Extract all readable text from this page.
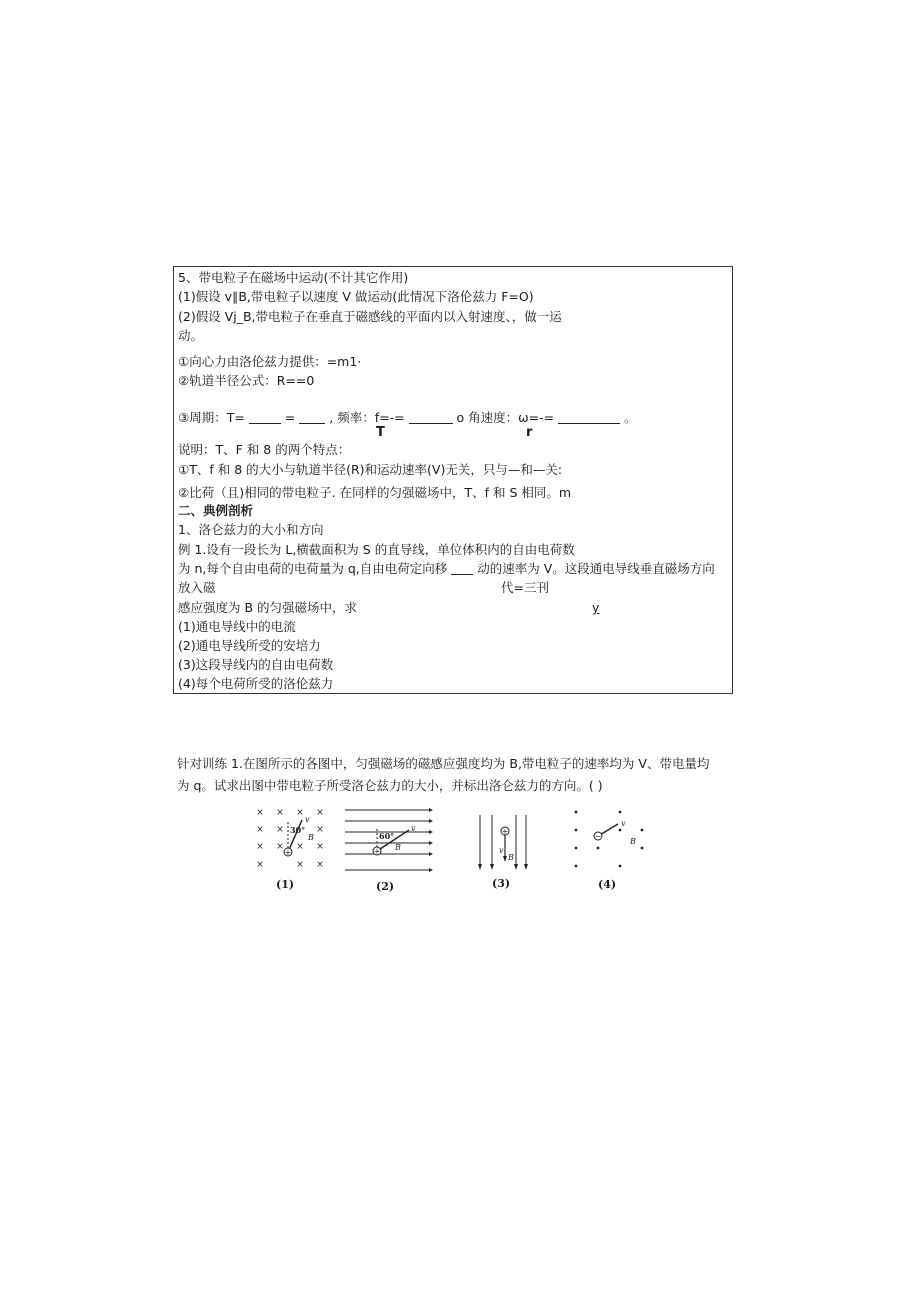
5、带电粒子在磁场中运动(不计其它作用)
(1)假设 v∥B,带电粒子以速度 V 做运动(此情况下洛伦兹力 F=O)
(2)假设 Vj_B,带电粒子在垂直于磁感线的平面内以入射速度、，做一运
动。
①向心力由洛伦兹力提供：=m1·
②轨道半径公式：R==0
③周期：T=	=	, 频率：f=-=	o 角速度：ω=-=	。
T	r
说明：T、F 和 8 的两个特点：
①T、f 和 8 的大小与轨道半径(R)和运动速率(V)无关，只与—和—关:
②比荷（且)相同的带电粒子. 在同样的匀强磁场中，T、f 和 S 相同。m
二、典例剖析
1、洛仑兹力的大小和方向
例 1.设有一段长为 L,横截面积为 S 的直导线，单位体积内的自由电荷数
为 n,每个自由电荷的电荷量为 q,自由电荷定向移 动的速率为 V。这段通电导线垂直磁场方向
放入磁	代=三刊
感应强度为 B 的匀强磁场中，求	y
(1)通电导线中的电流
(2)通电导线所受的安培力
(3)这段导线内的自由电荷数
(4)每个电荷所受的洛伦兹力
针对训练 1.在图所示的各图中，匀强磁场的磁感应强度均为 B,带电粒子的速率均为 V、带电量均
为 q。试求出图中带电粒子所受洛仑兹力的大小，并标出洛仑兹力的方向。( )
× × × ×
× ×	×
× × × ×
×	× ×
+
30°
v
B
(1)
+
60°
v
B
(2)
+
v
B
(3)
−
v
B
(4)
